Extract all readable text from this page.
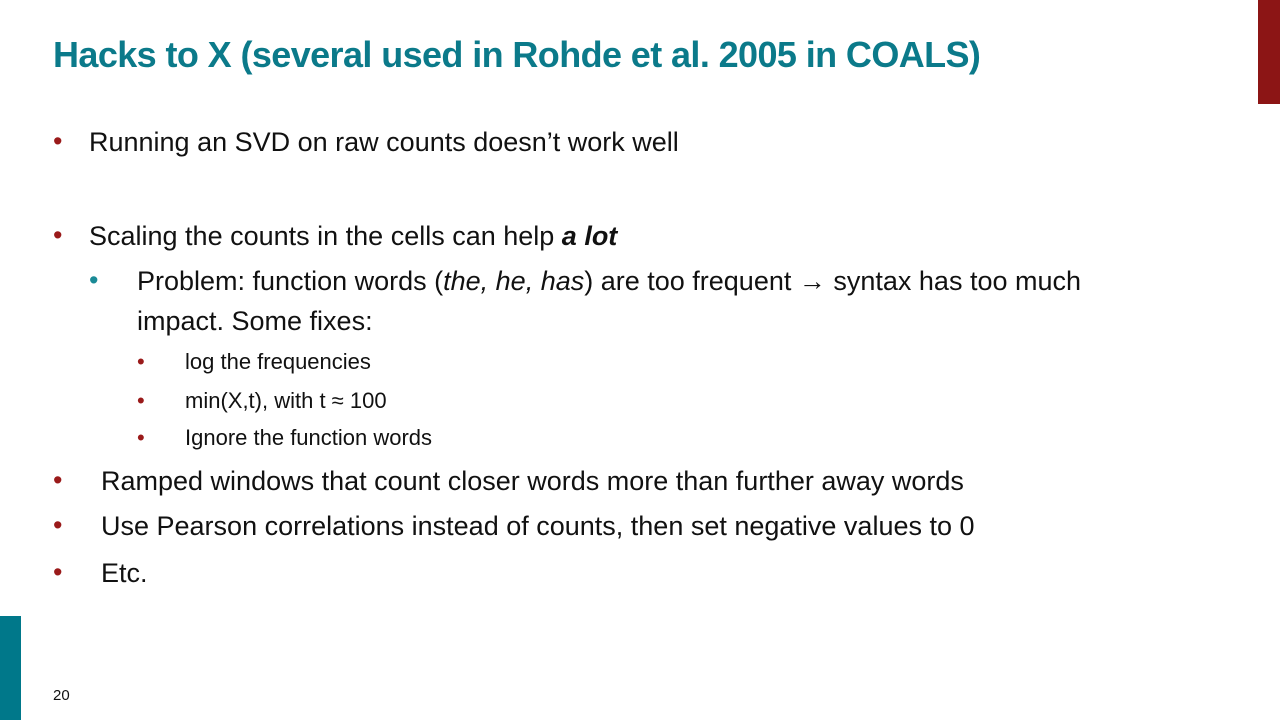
Hacks to X (several used in Rohde et al. 2005 in COALS)
• Running an SVD on raw counts doesn’t work well
• Scaling the counts in the cells can help a lot
• Problem: function words (the, he, has) are too frequent → syntax has too much
impact. Some fixes:
• log the frequencies
• min(X,t), with t ≈ 100
• Ignore the function words
• Ramped windows that count closer words more than further away words
• Use Pearson correlations instead of counts, then set negative values to 0
• Etc.
20
